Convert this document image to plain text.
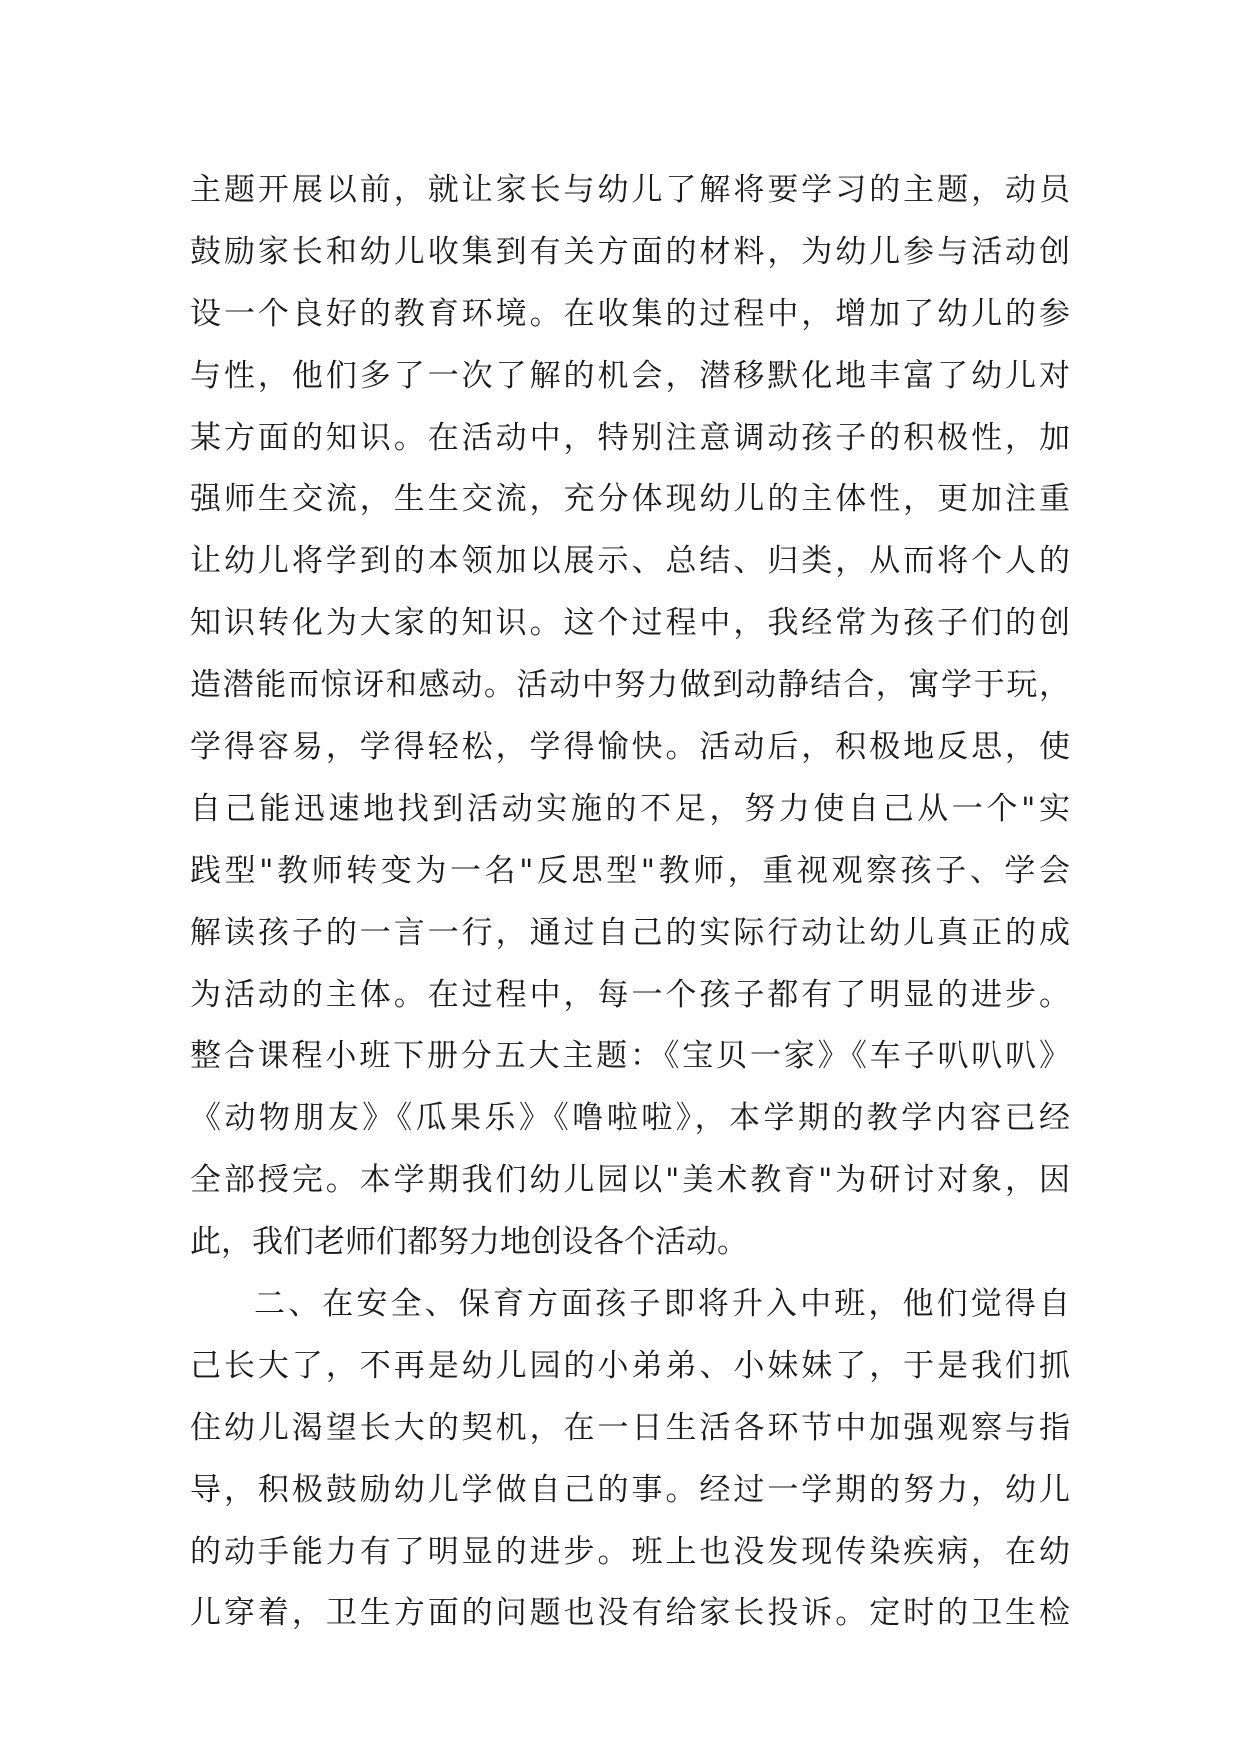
主题开展以前，就让家长与幼儿了解将要学习的主题，动员
鼓励家长和幼儿收集到有关方面的材料，为幼儿参与活动创
设一个良好的教育环境。在收集的过程中，增加了幼儿的参
与性，他们多了一次了解的机会，潜移默化地丰富了幼儿对
某方面的知识。在活动中，特别注意调动孩子的积极性，加
强师生交流，生生交流，充分体现幼儿的主体性，更加注重
让幼儿将学到的本领加以展示、总结、归类，从而将个人的
知识转化为大家的知识。这个过程中，我经常为孩子们的创
造潜能而惊讶和感动。活动中努力做到动静结合，寓学于玩，
学得容易，学得轻松，学得愉快。活动后，积极地反思，使
自己能迅速地找到活动实施的不足，努力使自己从一个"实
践型"教师转变为一名"反思型"教师，重视观察孩子、学会
解读孩子的一言一行，通过自己的实际行动让幼儿真正的成
为活动的主体。在过程中，每一个孩子都有了明显的进步。
整合课程小班下册分五大主题：《宝贝一家》《车子叭叭叭》
《动物朋友》《瓜果乐》《噜啦啦》，本学期的教学内容已经
全部授完。本学期我们幼儿园以"美术教育"为研讨对象，因
此，我们老师们都努力地创设各个活动。
二、在安全、保育方面孩子即将升入中班，他们觉得自
己长大了，不再是幼儿园的小弟弟、小妹妹了，于是我们抓
住幼儿渴望长大的契机，在一日生活各环节中加强观察与指
导，积极鼓励幼儿学做自己的事。经过一学期的努力，幼儿
的动手能力有了明显的进步。班上也没发现传染疾病，在幼
儿穿着，卫生方面的问题也没有给家长投诉。定时的卫生检
